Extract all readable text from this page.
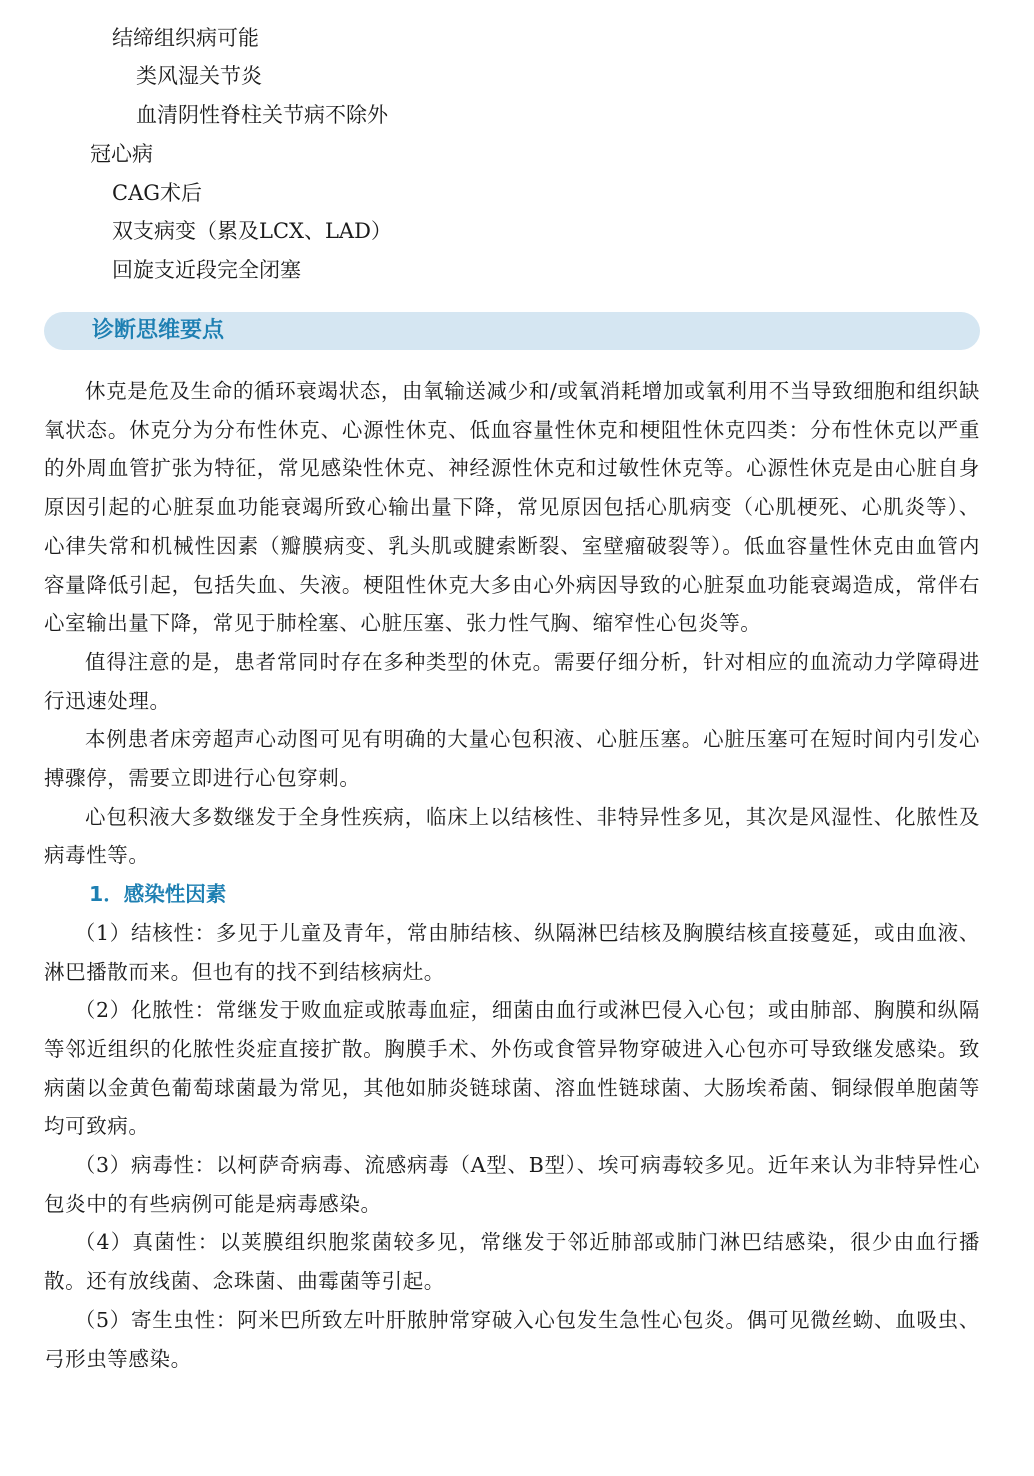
结缔组织病可能
类风湿关节炎
血清阴性脊柱关节病不除外
冠心病
CAG术后
双支病变（累及LCX、LAD）
回旋支近段完全闭塞
诊断思维要点

休克是危及生命的循环衰竭状态，由氧输送减少和/或氧消耗增加或氧利用不当导致细胞和组织缺氧状态。休克分为分布性休克、心源性休克、低血容量性休克和梗阻性休克四类：分布性休克以严重的外周血管扩张为特征，常见感染性休克、神经源性休克和过敏性休克等。心源性休克是由心脏自身原因引起的心脏泵血功能衰竭所致心输出量下降，常见原因包括心肌病变（心肌梗死、心肌炎等）、心律失常和机械性因素（瓣膜病变、乳头肌或腱索断裂、室壁瘤破裂等）。低血容量性休克由血管内容量降低引起，包括失血、失液。梗阻性休克大多由心外病因导致的心脏泵血功能衰竭造成，常伴右心室输出量下降，常见于肺栓塞、心脏压塞、张力性气胸、缩窄性心包炎等。

值得注意的是，患者常同时存在多种类型的休克。需要仔细分析，针对相应的血流动力学障碍进行迅速处理。

本例患者床旁超声心动图可见有明确的大量心包积液、心脏压塞。心脏压塞可在短时间内引发心搏骤停，需要立即进行心包穿刺。

心包积液大多数继发于全身性疾病，临床上以结核性、非特异性多见，其次是风湿性、化脓性及病毒性等。

1．感染性因素

（1）结核性：多见于儿童及青年，常由肺结核、纵隔淋巴结核及胸膜结核直接蔓延，或由血液、淋巴播散而来。但也有的找不到结核病灶。

（2）化脓性：常继发于败血症或脓毒血症，细菌由血行或淋巴侵入心包；或由肺部、胸膜和纵隔等邻近组织的化脓性炎症直接扩散。胸膜手术、外伤或食管异物穿破进入心包亦可导致继发感染。致病菌以金黄色葡萄球菌最为常见，其他如肺炎链球菌、溶血性链球菌、大肠埃希菌、铜绿假单胞菌等均可致病。

（3）病毒性：以柯萨奇病毒、流感病毒（A型、B型）、埃可病毒较多见。近年来认为非特异性心包炎中的有些病例可能是病毒感染。

（4）真菌性：以荚膜组织胞浆菌较多见，常继发于邻近肺部或肺门淋巴结感染，很少由血行播散。还有放线菌、念珠菌、曲霉菌等引起。

（5）寄生虫性：阿米巴所致左叶肝脓肿常穿破入心包发生急性心包炎。偶可见微丝蚴、血吸虫、弓形虫等感染。
